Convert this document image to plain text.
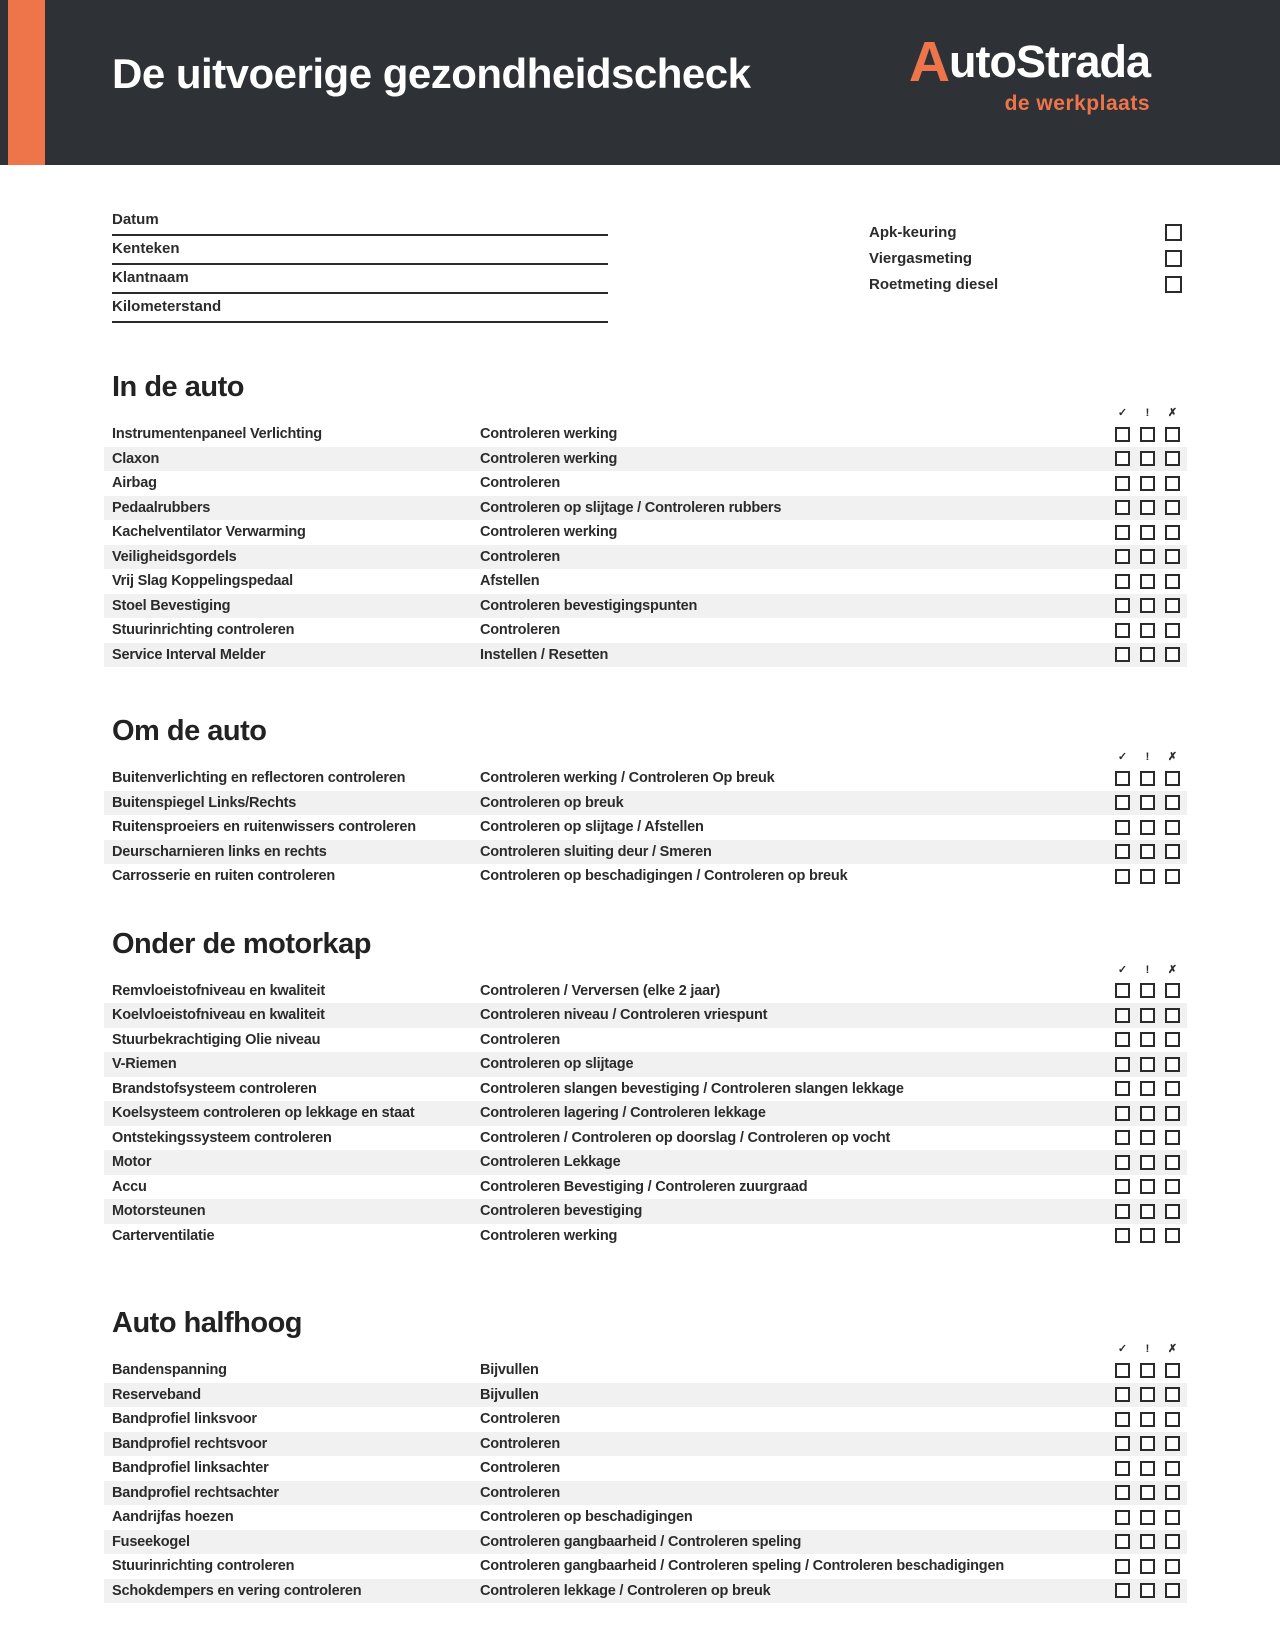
De uitvoerige gezondheidscheck	AutoStrada
de werkplaats
Datum
Kenteken
Klantnaam
Kilometerstand
Apk-keuring
Viergasmeting
Roetmeting diesel
In de auto
✓	!	✗
Instrumentenpaneel Verlichting	Controleren werking
Claxon	Controleren werking
Airbag	Controleren
Pedaalrubbers	Controleren op slijtage / Controleren rubbers
Kachelventilator Verwarming	Controleren werking
Veiligheidsgordels	Controleren
Vrij Slag Koppelingspedaal	Afstellen
Stoel Bevestiging	Controleren bevestigingspunten
Stuurinrichting controleren	Controleren
Service Interval Melder	Instellen / Resetten
Om de auto
✓	!	✗
Buitenverlichting en reflectoren controleren	Controleren werking / Controleren Op breuk
Buitenspiegel Links/Rechts	Controleren op breuk
Ruitensproeiers en ruitenwissers controleren	Controleren op slijtage / Afstellen
Deurscharnieren links en rechts	Controleren sluiting deur / Smeren
Carrosserie en ruiten controleren	Controleren op beschadigingen / Controleren op breuk
Onder de motorkap
✓	!	✗
Remvloeistofniveau en kwaliteit	Controleren / Verversen (elke 2 jaar)
Koelvloeistofniveau en kwaliteit	Controleren niveau / Controleren vriespunt
Stuurbekrachtiging Olie niveau	Controleren
V-Riemen	Controleren op slijtage
Brandstofsysteem controleren	Controleren slangen bevestiging / Controleren slangen lekkage
Koelsysteem controleren op lekkage en staat	Controleren lagering / Controleren lekkage
Ontstekingssysteem controleren	Controleren / Controleren op doorslag / Controleren op vocht
Motor	Controleren Lekkage
Accu	Controleren Bevestiging / Controleren zuurgraad
Motorsteunen	Controleren bevestiging
Carterventilatie	Controleren werking
Auto halfhoog
✓	!	✗
Bandenspanning	Bijvullen
Reserveband	Bijvullen
Bandprofiel linksvoor	Controleren
Bandprofiel rechtsvoor	Controleren
Bandprofiel linksachter	Controleren
Bandprofiel rechtsachter	Controleren
Aandrijfas hoezen	Controleren op beschadigingen
Fuseekogel	Controleren gangbaarheid / Controleren speling
Stuurinrichting controleren	Controleren gangbaarheid / Controleren speling / Controleren beschadigingen
Schokdempers en vering controleren	Controleren lekkage / Controleren op breuk
